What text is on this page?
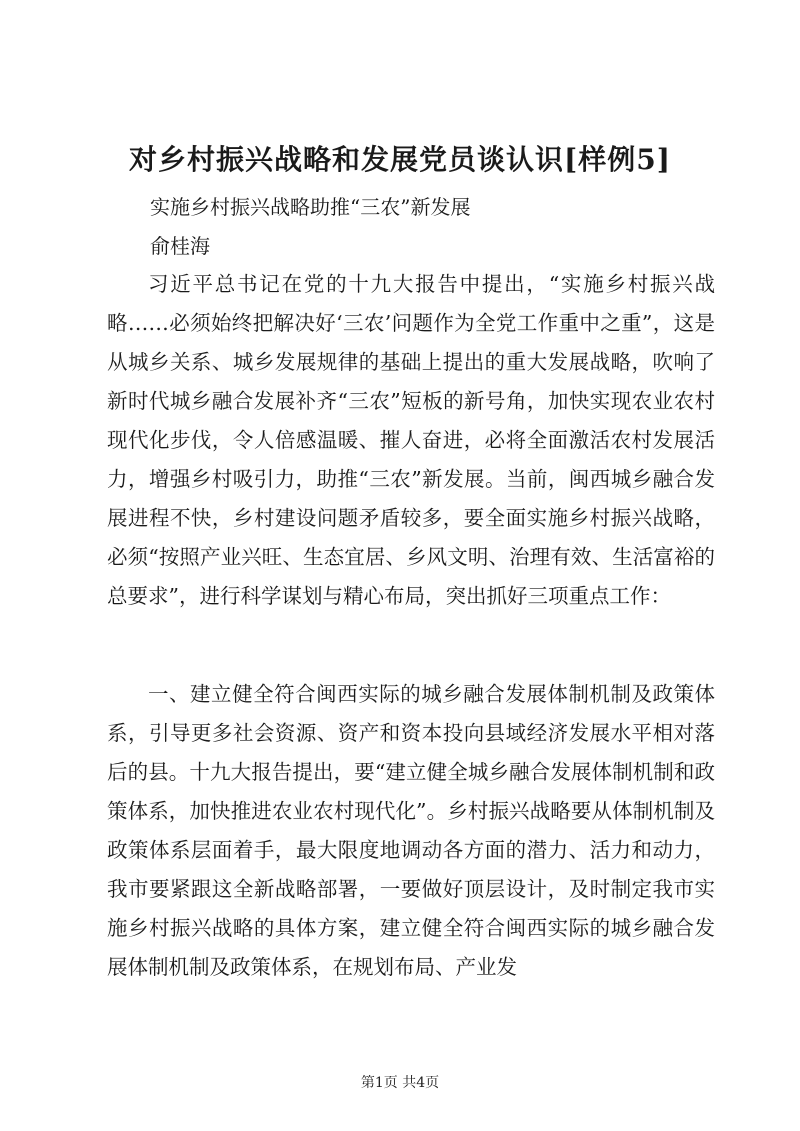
对乡村振兴战略和发展党员谈认识[样例5]

实施乡村振兴战略助推“三农”新发展

俞桂海

习近平总书记在党的十九大报告中提出，“实施乡村振兴战略……必须始终把解决好‘三农’问题作为全党工作重中之重”，这是从城乡关系、城乡发展规律的基础上提出的重大发展战略，吹响了新时代城乡融合发展补齐“三农”短板的新号角，加快实现农业农村现代化步伐，令人倍感温暖、摧人奋进，必将全面激活农村发展活力，增强乡村吸引力，助推“三农”新发展。当前，闽西城乡融合发展进程不快，乡村建设问题矛盾较多，要全面实施乡村振兴战略，必须“按照产业兴旺、生态宜居、乡风文明、治理有效、生活富裕的总要求”，进行科学谋划与精心布局，突出抓好三项重点工作：

一、建立健全符合闽西实际的城乡融合发展体制机制及政策体系，引导更多社会资源、资产和资本投向县域经济发展水平相对落后的县。十九大报告提出，要“建立健全城乡融合发展体制机制和政策体系，加快推进农业农村现代化”。乡村振兴战略要从体制机制及政策体系层面着手，最大限度地调动各方面的潜力、活力和动力，我市要紧跟这全新战略部署，一要做好顶层设计，及时制定我市实施乡村振兴战略的具体方案，建立健全符合闽西实际的城乡融合发展体制机制及政策体系，在规划布局、产业发

第1页 共4页
